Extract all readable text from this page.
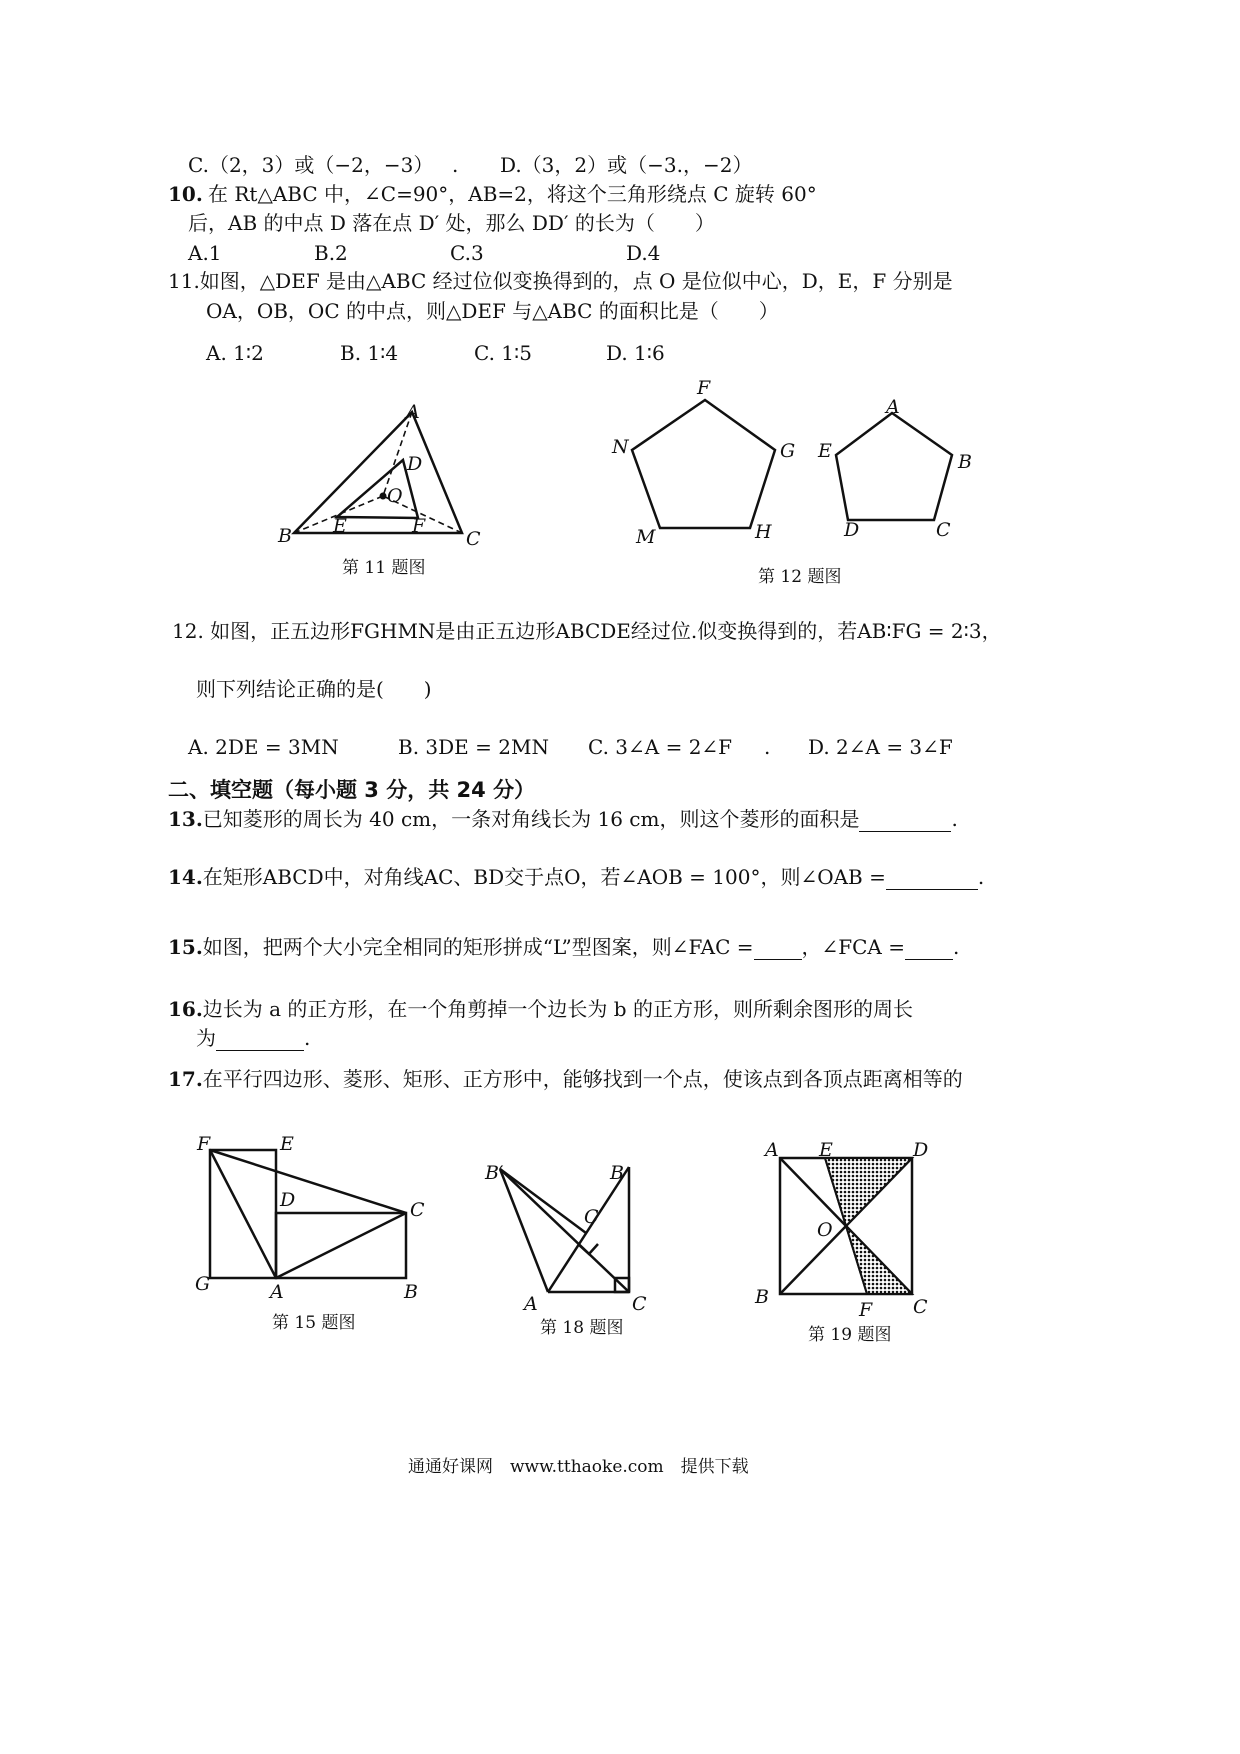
C.（2，3）或（−2，−3） . D.（3，2）或（−3.，−2）
10. 在 Rt△ABC 中，∠C=90°，AB=2，将这个三角形绕点 C 旋转 60°
后，AB 的中点 D 落在点 D′ 处，那么 DD′ 的长为（　　）
A.1	B.2	C.3	D.4
11.如图，△DEF 是由△ABC 经过位似变换得到的，点 O 是位似中心，D，E，F 分别是
OA，OB，OC 的中点，则△DEF 与△ABC 的面积比是（　　）
A. 1∶2	B. 1∶4	C. 1∶5	D. 1∶6
A
B	C
D
E	F
O
第 11 题图
F
G
H
M
N
A
B
C
D
E
第 12 题图
12. 如图，正五边形FGHMN是由正五边形ABCDE经过位.似变换得到的，若AB∶FG = 2∶3，
则下列结论正确的是(　　)
A. 2DE = 3MN	B. 3DE = 2MN C. 3∠A = 2∠F . D. 2∠A = 3∠F
二、填空题（每小题 3 分，共 24 分）
13.已知菱形的周长为 40 cm，一条对角线长为 16 cm，则这个菱形的面积是	.
14.在矩形ABCD中，对角线AC、BD交于点O，若∠AOB = 100°，则∠OAB =	.
15.如图，把两个大小完全相同的矩形拼成“L”型图案，则∠FAC = ，∠FCA = .
16.边长为 a 的正方形，在一个角剪掉一个边长为 b 的正方形，则所剩余图形的周长
为	.
17.在平行四边形、菱形、矩形、正方形中，能够找到一个点，使该点到各顶点距离相等的
F	E
D	C
G	A	B
第 15 题图
B′	B
C′
A	C
第 18 题图
A E	D
O
B
F C
第 19 题图
通通好课网　www.tthaoke.com　提供下载
